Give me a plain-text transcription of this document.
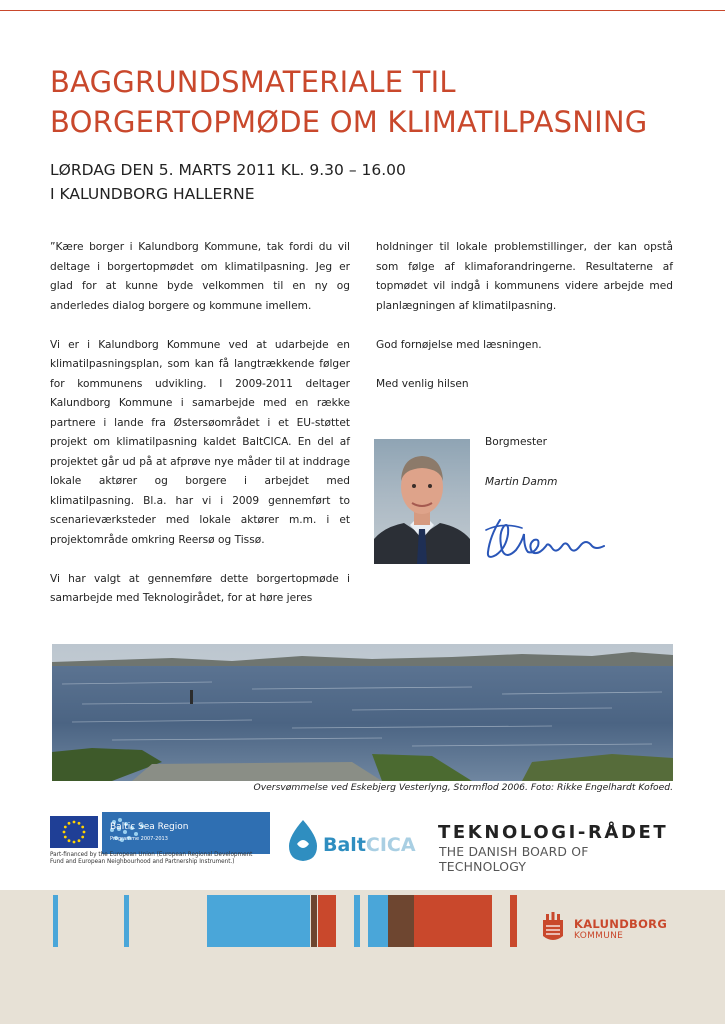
BAGGRUNDSMATERIALE TIL
BORGERTOPMØDE OM KLIMATILPASNING
LØRDAG DEN 5. MARTS 2011 KL. 9.30 – 16.00
I KALUNDBORG HALLERNE

”Kære borger i Kalundborg Kommune, tak fordi du vil deltage i borgertopmødet om klimatilpasning. Jeg er glad for at kunne byde velkommen til en ny og anderledes dialog borgere og kommune imellem.

Vi er i Kalundborg Kommune ved at udarbejde en klimatilpasningsplan, som kan få langtrækkende følger for kommunens udvikling. I 2009-2011 deltager Kalundborg Kommune i samarbejde med en række partnere i lande fra Østersøområdet i et EU-støttet projekt om klimatilpasning kaldet BaltCICA. En del af projektet går ud på at afprøve nye måder til at inddrage lokale aktører og borgere i arbejdet med klimatilpasning. Bl.a. har vi i 2009 gennemført to scenarieværksteder med lokale aktører m.m. i et projektområde omkring Reersø og Tissø.

Vi har valgt at gennemføre dette borgertopmøde i samarbejde med Teknologirådet, for at høre jeres

holdninger til lokale problemstillinger, der kan opstå som følge af klimaforandringerne. Resultaterne af topmødet vil indgå i kommunens videre arbejde med planlægningen af klimatilpasning.

God fornøjelse med læsningen.

Med venlig hilsen

Borgmester
Martin Damm
Oversvømmelse ved Eskebjerg Vesterlyng, Stormflod 2006. Foto: Rikke Engelhardt Kofoed.
Baltic Sea Region
Programme 2007-2013
Part-financed by the European Union (European Regional Development
Fund and European Neighbourhood and Partnership Instrument.)
BaltCICA
TEKNOLOGI-RÅDET
THE DANISH BOARD OF TECHNOLOGY
KALUNDBORG
KOMMUNE
